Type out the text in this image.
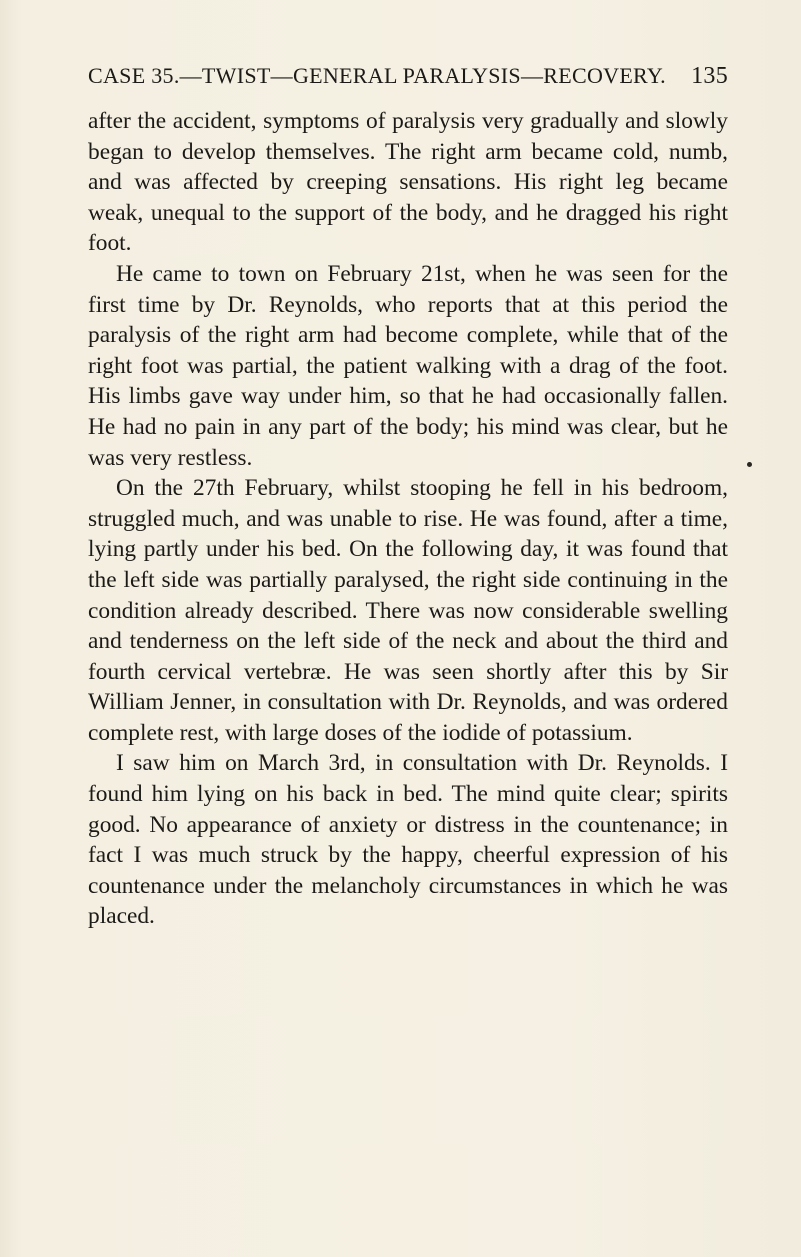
CASE 35.—TWIST—GENERAL PARALYSIS—RECOVERY. 135

after the accident, symptoms of paralysis very gradually and slowly began to develop themselves. The right arm became cold, numb, and was affected by creeping sensations. His right leg became weak, unequal to the support of the body, and he dragged his right foot.

He came to town on February 21st, when he was seen for the first time by Dr. Reynolds, who reports that at this period the paralysis of the right arm had become complete, while that of the right foot was partial, the patient walking with a drag of the foot. His limbs gave way under him, so that he had occasionally fallen. He had no pain in any part of the body; his mind was clear, but he was very restless.

On the 27th February, whilst stooping he fell in his bedroom, struggled much, and was unable to rise. He was found, after a time, lying partly under his bed. On the following day, it was found that the left side was partially paralysed, the right side continuing in the condition already described. There was now considerable swelling and tenderness on the left side of the neck and about the third and fourth cervical vertebræ. He was seen shortly after this by Sir William Jenner, in consultation with Dr. Reynolds, and was ordered complete rest, with large doses of the iodide of potassium.

I saw him on March 3rd, in consultation with Dr. Reynolds. I found him lying on his back in bed. The mind quite clear; spirits good. No appearance of anxiety or distress in the countenance; in fact I was much struck by the happy, cheerful expression of his countenance under the melancholy circumstances in which he was placed.
